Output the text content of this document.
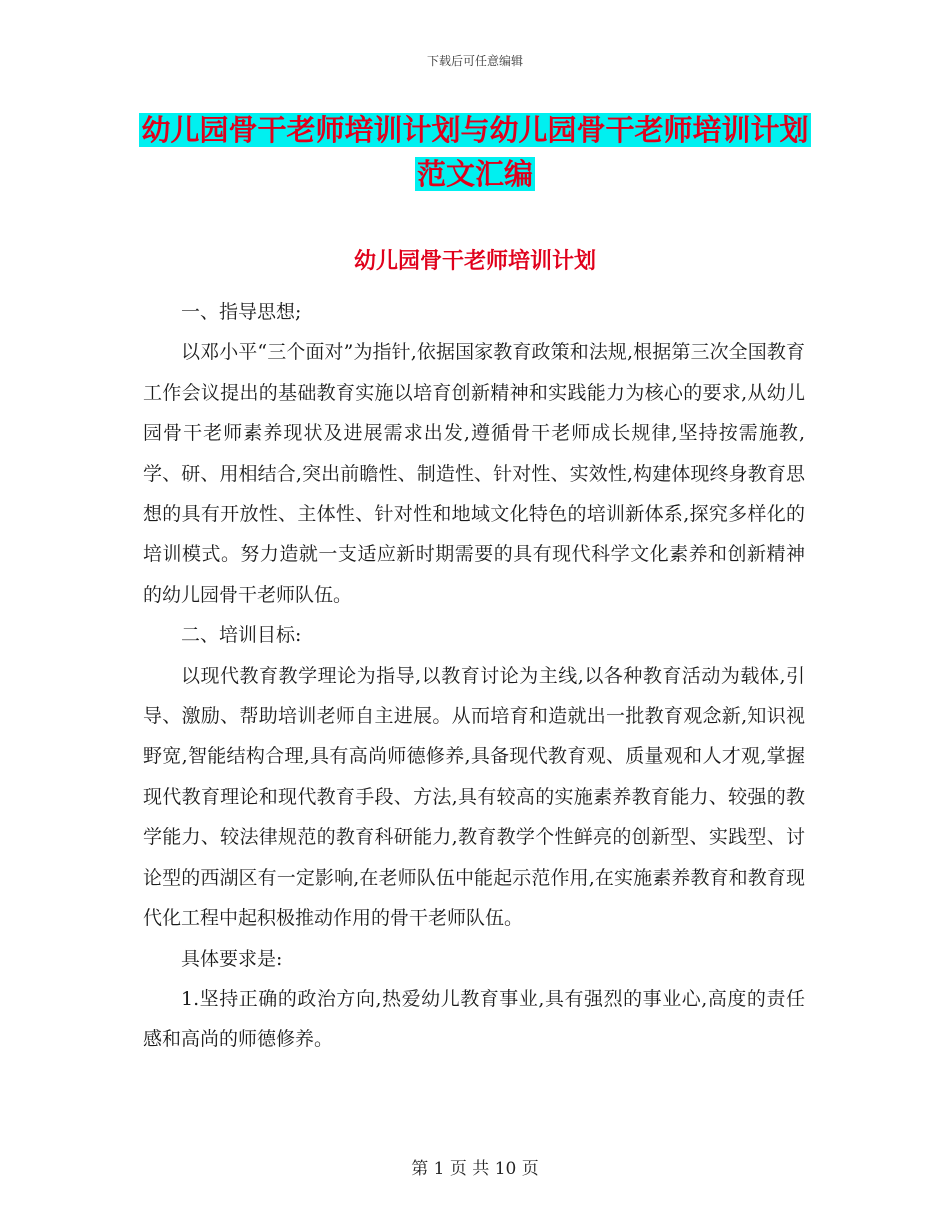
下载后可任意编辑
幼儿园骨干老师培训计划与幼儿园骨干老师培训计划
范文汇编
幼儿园骨干老师培训计划

一、指导思想;

以邓小平“三个面对”为指针,依据国家教育政策和法规,根据第三次全国教育工作会议提出的基础教育实施以培育创新精神和实践能力为核心的要求,从幼儿园骨干老师素养现状及进展需求出发,遵循骨干老师成长规律,坚持按需施教,学、研、用相结合,突出前瞻性、制造性、针对性、实效性,构建体现终身教育思想的具有开放性、主体性、针对性和地域文化特色的培训新体系,探究多样化的培训模式。努力造就一支适应新时期需要的具有现代科学文化素养和创新精神的幼儿园骨干老师队伍。

二、培训目标:

以现代教育教学理论为指导,以教育讨论为主线,以各种教育活动为载体,引导、激励、帮助培训老师自主进展。从而培育和造就出一批教育观念新,知识视野宽,智能结构合理,具有高尚师德修养,具备现代教育观、质量观和人才观,掌握现代教育理论和现代教育手段、方法,具有较高的实施素养教育能力、较强的教学能力、较法律规范的教育科研能力,教育教学个性鲜亮的创新型、实践型、讨论型的西湖区有一定影响,在老师队伍中能起示范作用,在实施素养教育和教育现代化工程中起积极推动作用的骨干老师队伍。

具体要求是:

1.坚持正确的政治方向,热爱幼儿教育事业,具有强烈的事业心,高度的责任感和高尚的师德修养。

第 1 页 共 10 页
